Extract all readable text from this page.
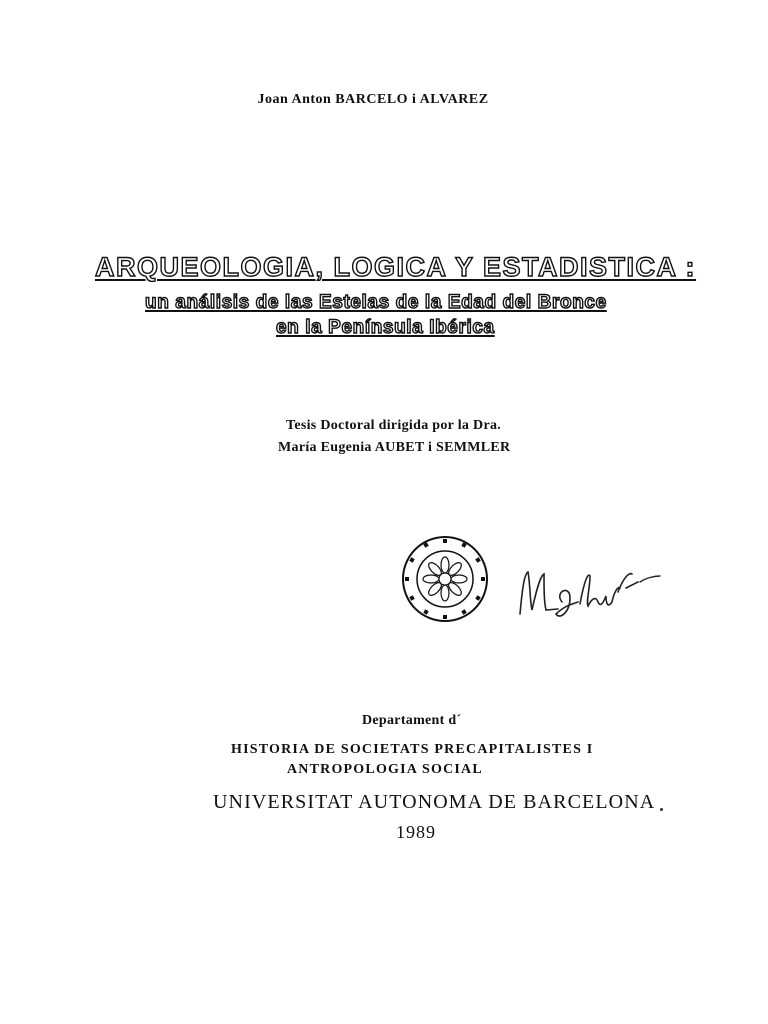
Joan Anton BARCELO i ALVAREZ
ARQUEOLOGIA, LOGICA Y ESTADISTICA :
un análisis de las Estelas de la Edad del Bronce
en la Península Ibérica
Tesis Doctoral dirigida por la Dra.
María Eugenia AUBET i SEMMLER
Departament d´
HISTORIA DE SOCIETATS PRECAPITALISTES I
ANTROPOLOGIA SOCIAL
UNIVERSITAT AUTONOMA DE BARCELONA
1989
